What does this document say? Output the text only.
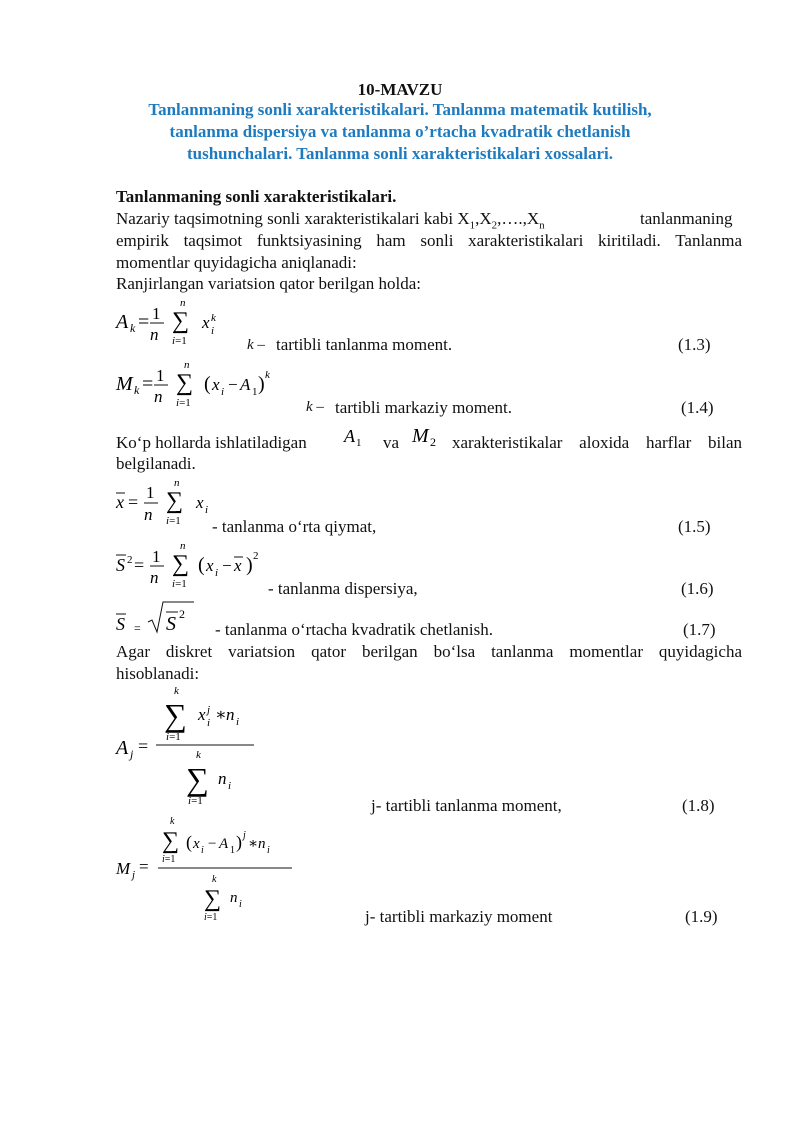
10-MAVZU
Tanlanmaning sonli xarakteristikalari. Tanlanma matematik kutilish,
tanlanma dispersiya va tanlanma o’rtacha kvadratik chetlanish
tushunchalari. Tanlanma sonli xarakteristikalari xossalari.
Tanlanmaning sonli xarakteristikalari.
Nazariy taqsimotning sonli xarakteristikalari kabi $X_1,X_2,\dots.,X_n$	tanlanmaning
empirik taqsimot funktsiyasining ham sonli xarakteristikalari kiritiladi. Tanlanma
momentlar quyidagicha aniqlanadi:
Ranjirlangan variatsion qator berilgan holda:
A k = 1
n
n
∑
i=1
x k
i
k – tartibli tanlanma moment.	(1.3)
M k = 1
n
n
∑
i=1
( x i − A 1 ) k
k – tartibli markaziy moment.	(1.4)
Ko‘p hollarda ishlatiladigan A 1 va M 2 xarakteristikalar aloxida harflar bilan
belgilanadi.
x = 1
n
n
∑
i=1
x i
- tanlanma o‘rta qiymat,	(1.5)
S 2 = 1
n
n
∑
i=1
( x i − x ) 2
- tanlanma dispersiya,	(1.6)
S = S 2
- tanlanma o‘rtacha kvadratik chetlanish.	(1.7)
Agar diskret variatsion qator berilgan bo‘lsa tanlanma momentlar quyidagicha
hisoblanadi:
A j =
k
∑
i=1
x j
i ∗ n i
k
∑
i=1
n i
j- tartibli tanlanma moment,	(1.8)
M j =
k
∑
i=1
( x i − A 1 ) j
∗ n i
k
∑
i=1
n i
j- tartibli markaziy moment	(1.9)
